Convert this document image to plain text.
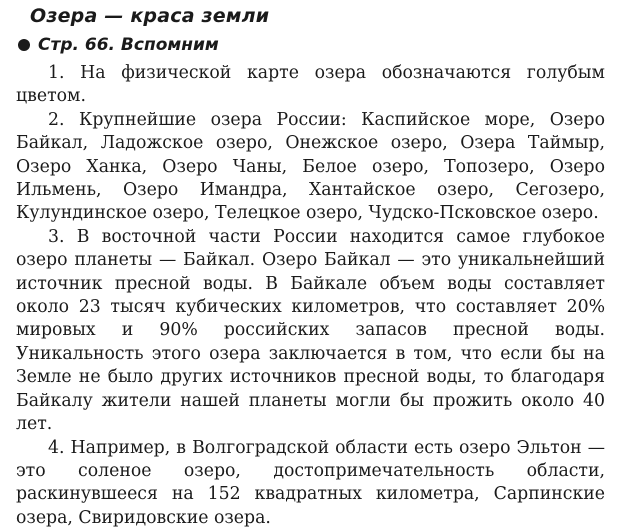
Озера — краса земли
Стр. 66. Вспомним

1. На физической карте озера обозначаются голубым цветом.

2. Крупнейшие озера России: Каспийское море, Озеро Байкал, Ладожское озеро, Онежское озеро, Озера Таймыр, Озеро Ханка, Озеро Чаны, Белое озеро, Топозеро, Озеро Ильмень, Озеро Имандра, Хантайское озеро, Сегозеро, Кулундинское озеро, Телецкое озеро, Чудско-Псковское озеро.

3. В восточной части России находится самое глубокое озеро планеты — Байкал. Озеро Байкал — это уникальнейший источник пресной воды. В Байкале объем воды составляет около 23 тысяч кубических километров, что составляет 20% мировых и 90% российских запасов пресной воды. Уникальность этого озера заключается в том, что если бы на Земле не было других источников пресной воды, то благодаря Байкалу жители нашей планеты могли бы прожить около 40 лет.

4. Например, в Волгоградской области есть озеро Эльтон — это соленое озеро, достопримечательность области, раскинувшееся на 152 квадратных километра, Сарпинские озера, Свиридовские озера.
